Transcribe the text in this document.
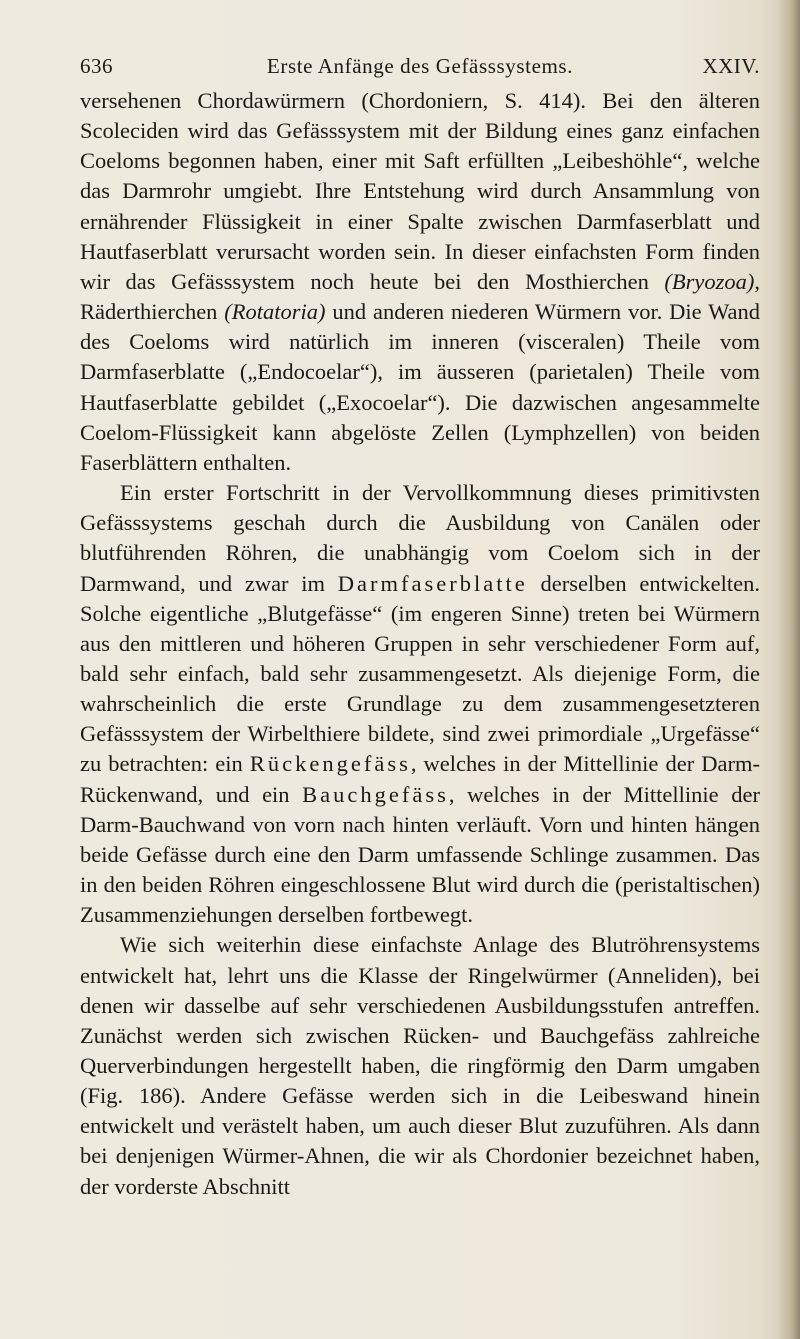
636	Erste Anfänge des Gefässsystems.	XXIV.

versehenen Chordawürmern (Chordoniern, S. 414). Bei den älteren Scoleciden wird das Gefässsystem mit der Bildung eines ganz einfachen Coeloms begonnen haben, einer mit Saft erfüllten „Leibeshöhle“, welche das Darmrohr umgiebt. Ihre Entstehung wird durch Ansammlung von ernährender Flüssigkeit in einer Spalte zwischen Darmfaserblatt und Hautfaserblatt verursacht worden sein. In dieser einfachsten Form finden wir das Gefässsystem noch heute bei den Mosthierchen (Bryozoa), Räderthierchen (Rotatoria) und anderen niederen Würmern vor. Die Wand des Coeloms wird natürlich im inneren (visceralen) Theile vom Darmfaserblatte („Endocoelar“), im äusseren (parietalen) Theile vom Hautfaserblatte gebildet („Exocoelar“). Die dazwischen angesammelte Coelom-Flüssigkeit kann abgelöste Zellen (Lymphzellen) von beiden Faserblättern enthalten.

Ein erster Fortschritt in der Vervollkommnung dieses primitivsten Gefässsystems geschah durch die Ausbildung von Canälen oder blutführenden Röhren, die unabhängig vom Coelom sich in der Darmwand, und zwar im Darmfaserblatte derselben entwickelten. Solche eigentliche „Blutgefässe“ (im engeren Sinne) treten bei Würmern aus den mittleren und höheren Gruppen in sehr verschiedener Form auf, bald sehr einfach, bald sehr zusammengesetzt. Als diejenige Form, die wahrscheinlich die erste Grundlage zu dem zusammengesetzteren Gefässsystem der Wirbelthiere bildete, sind zwei primordiale „Urgefässe“ zu betrachten: ein Rückengefäss, welches in der Mittellinie der Darm-Rückenwand, und ein Bauchgefäss, welches in der Mittellinie der Darm-Bauchwand von vorn nach hinten verläuft. Vorn und hinten hängen beide Gefässe durch eine den Darm umfassende Schlinge zusammen. Das in den beiden Röhren eingeschlossene Blut wird durch die (peristaltischen) Zusammenziehungen derselben fortbewegt.

Wie sich weiterhin diese einfachste Anlage des Blutröhrensystems entwickelt hat, lehrt uns die Klasse der Ringelwürmer (Anneliden), bei denen wir dasselbe auf sehr verschiedenen Ausbildungsstufen antreffen. Zunächst werden sich zwischen Rücken- und Bauchgefäss zahlreiche Querverbindungen hergestellt haben, die ringförmig den Darm umgaben (Fig. 186). Andere Gefässe werden sich in die Leibeswand hinein entwickelt und verästelt haben, um auch dieser Blut zuzuführen. Als dann bei denjenigen Würmer-Ahnen, die wir als Chordonier bezeichnet haben, der vorderste Abschnitt
